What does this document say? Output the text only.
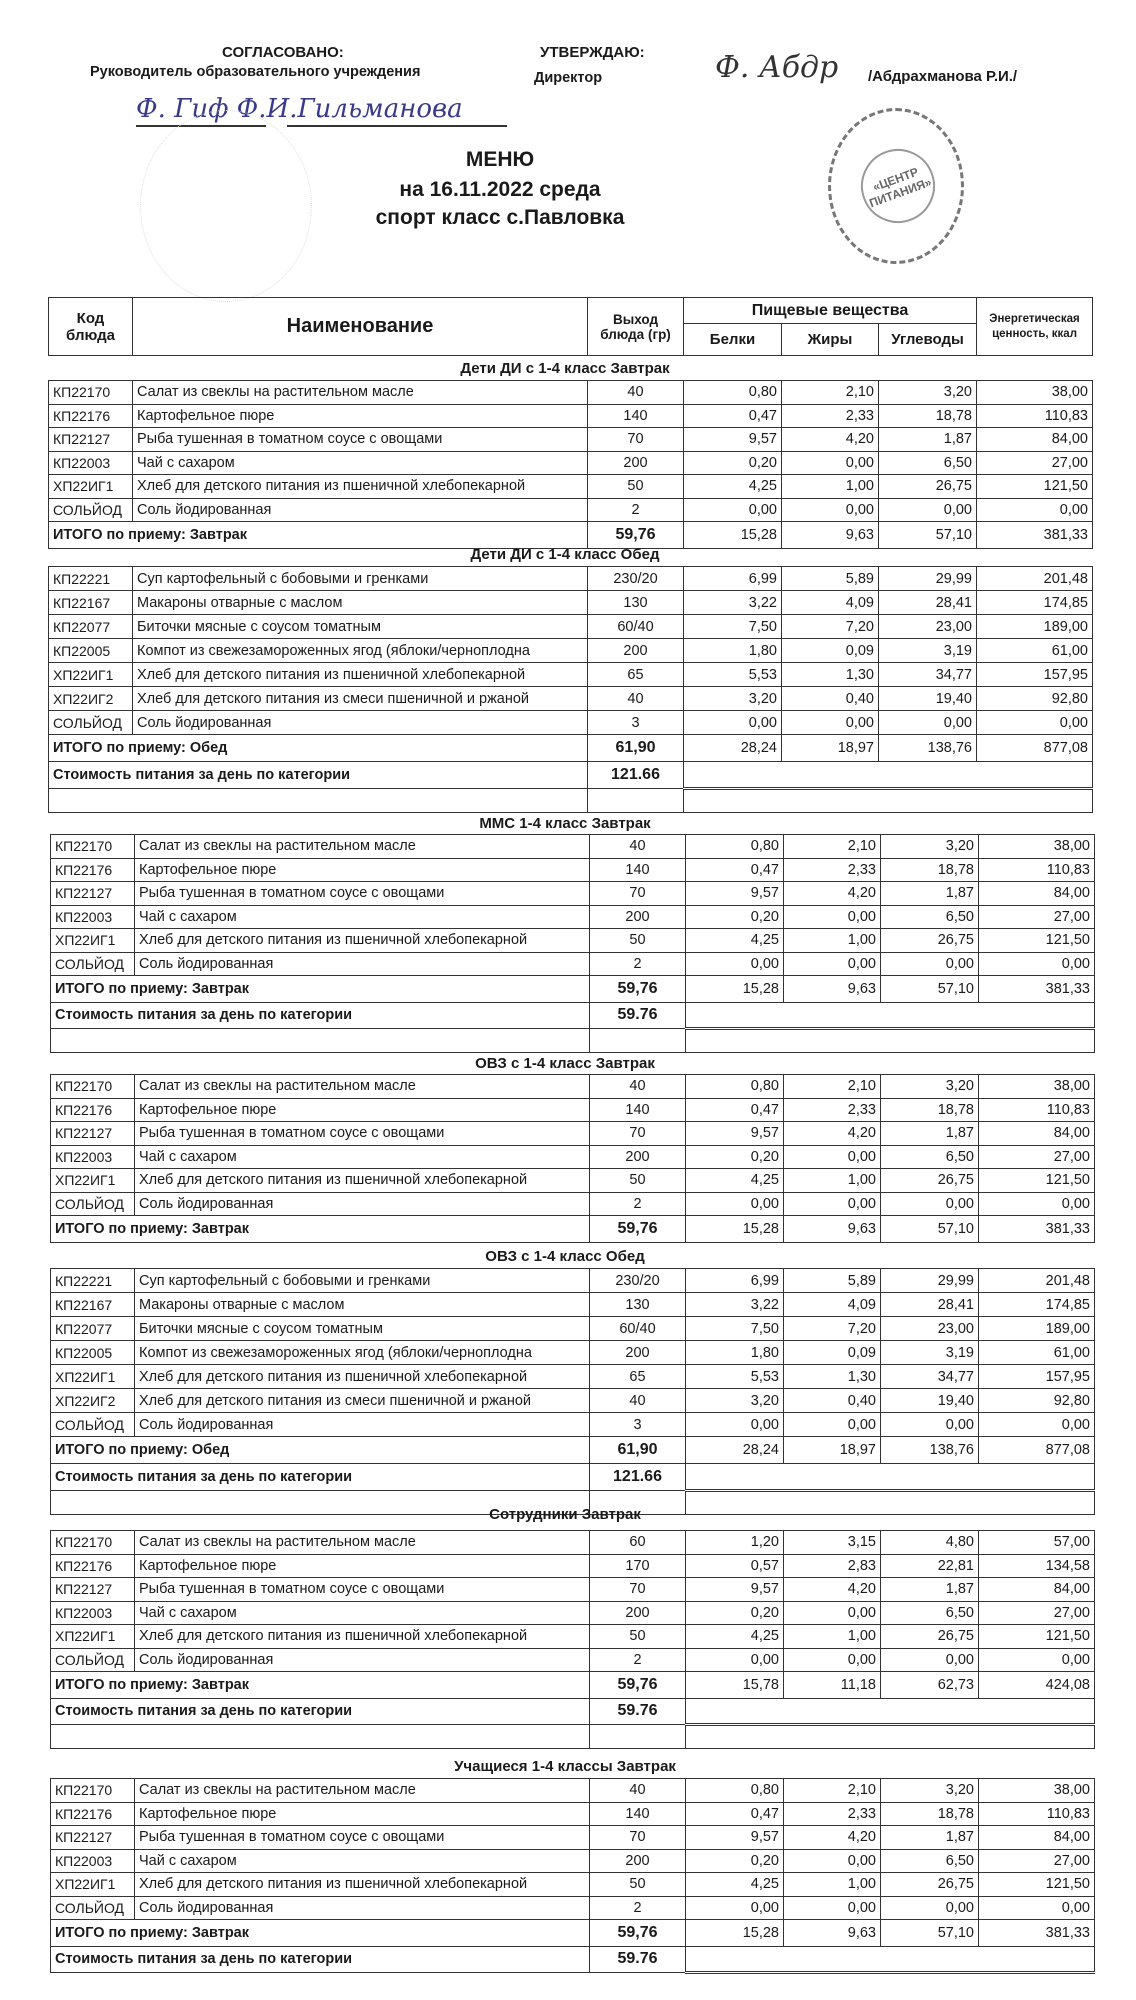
СОГЛАСОВАНО:
Руководитель образовательного учреждения
Ф. Гиф Ф.И.Гильманова
УТВЕРЖДАЮ:
Директор	Ф. Абдр /Абдрахманова Р.И./
«ЦЕНТР ПИТАНИЯ»
МЕНЮ
на 16.11.2022 среда
спорт класс с.Павловка
Код блюда	Наименование	Выход блюда (гр)	Пищевые вещества			Энергетическая ценность, ккал
			Белки	Жиры	Углеводы	
Дети ДИ с 1-4 класс Завтрак
КП22170	Салат из свеклы на растительном масле	40	0,80	2,10	3,20	38,00
КП22176	Картофельное пюре	140	0,47	2,33	18,78	110,83
КП22127	Рыба тушенная в томатном соусе с овощами	70	9,57	4,20	1,87	84,00
КП22003	Чай с сахаром	200	0,20	0,00	6,50	27,00
ХП22ИГ1	Хлеб для детского питания из пшеничной хлебопекарной	50	4,25	1,00	26,75	121,50
СОЛЬЙОД	Соль йодированная	2	0,00	0,00	0,00	0,00
ИТОГО по приему: Завтрак		59,76	15,28	9,63	57,10	381,33
Дети ДИ с 1-4 класс Обед
КП22221	Суп картофельный с бобовыми и гренками	230/20	6,99	5,89	29,99	201,48
КП22167	Макароны отварные с маслом	130	3,22	4,09	28,41	174,85
КП22077	Биточки мясные с соусом томатным	60/40	7,50	7,20	23,00	189,00
КП22005	Компот из свежезамороженных ягод (яблоки/черноплодна	200	1,80	0,09	3,19	61,00
ХП22ИГ1	Хлеб для детского питания из пшеничной хлебопекарной	65	5,53	1,30	34,77	157,95
ХП22ИГ2	Хлеб для детского питания из смеси пшеничной и ржаной	40	3,20	0,40	19,40	92,80
СОЛЬЙОД	Соль йодированная	3	0,00	0,00	0,00	0,00
ИТОГО по приему: Обед		61,90	28,24	18,97	138,76	877,08
Стоимость питания за день по категории		121.66				

ММС 1-4 класс Завтрак
КП22170	Салат из свеклы на растительном масле	40	0,80	2,10	3,20	38,00
КП22176	Картофельное пюре	140	0,47	2,33	18,78	110,83
КП22127	Рыба тушенная в томатном соусе с овощами	70	9,57	4,20	1,87	84,00
КП22003	Чай с сахаром	200	0,20	0,00	6,50	27,00
ХП22ИГ1	Хлеб для детского питания из пшеничной хлебопекарной	50	4,25	1,00	26,75	121,50
СОЛЬЙОД	Соль йодированная	2	0,00	0,00	0,00	0,00
ИТОГО по приему: Завтрак		59,76	15,28	9,63	57,10	381,33
Стоимость питания за день по категории		59.76				

ОВЗ с 1-4 класс Завтрак
КП22170	Салат из свеклы на растительном масле	40	0,80	2,10	3,20	38,00
КП22176	Картофельное пюре	140	0,47	2,33	18,78	110,83
КП22127	Рыба тушенная в томатном соусе с овощами	70	9,57	4,20	1,87	84,00
КП22003	Чай с сахаром	200	0,20	0,00	6,50	27,00
ХП22ИГ1	Хлеб для детского питания из пшеничной хлебопекарной	50	4,25	1,00	26,75	121,50
СОЛЬЙОД	Соль йодированная	2	0,00	0,00	0,00	0,00
ИТОГО по приему: Завтрак		59,76	15,28	9,63	57,10	381,33
ОВЗ с 1-4 класс Обед
КП22221	Суп картофельный с бобовыми и гренками	230/20	6,99	5,89	29,99	201,48
КП22167	Макароны отварные с маслом	130	3,22	4,09	28,41	174,85
КП22077	Биточки мясные с соусом томатным	60/40	7,50	7,20	23,00	189,00
КП22005	Компот из свежезамороженных ягод (яблоки/черноплодна	200	1,80	0,09	3,19	61,00
ХП22ИГ1	Хлеб для детского питания из пшеничной хлебопекарной	65	5,53	1,30	34,77	157,95
ХП22ИГ2	Хлеб для детского питания из смеси пшеничной и ржаной	40	3,20	0,40	19,40	92,80
СОЛЬЙОД	Соль йодированная	3	0,00	0,00	0,00	0,00
ИТОГО по приему: Обед		61,90	28,24	18,97	138,76	877,08
Стоимость питания за день по категории		121.66				

Сотрудники Завтрак
КП22170	Салат из свеклы на растительном масле	60	1,20	3,15	4,80	57,00
КП22176	Картофельное пюре	170	0,57	2,83	22,81	134,58
КП22127	Рыба тушенная в томатном соусе с овощами	70	9,57	4,20	1,87	84,00
КП22003	Чай с сахаром	200	0,20	0,00	6,50	27,00
ХП22ИГ1	Хлеб для детского питания из пшеничной хлебопекарной	50	4,25	1,00	26,75	121,50
СОЛЬЙОД	Соль йодированная	2	0,00	0,00	0,00	0,00
ИТОГО по приему: Завтрак		59,76	15,78	11,18	62,73	424,08
Стоимость питания за день по категории		59.76				

Учащиеся 1-4 классы Завтрак
КП22170	Салат из свеклы на растительном масле	40	0,80	2,10	3,20	38,00
КП22176	Картофельное пюре	140	0,47	2,33	18,78	110,83
КП22127	Рыба тушенная в томатном соусе с овощами	70	9,57	4,20	1,87	84,00
КП22003	Чай с сахаром	200	0,20	0,00	6,50	27,00
ХП22ИГ1	Хлеб для детского питания из пшеничной хлебопекарной	50	4,25	1,00	26,75	121,50
СОЛЬЙОД	Соль йодированная	2	0,00	0,00	0,00	0,00
ИТОГО по приему: Завтрак		59,76	15,28	9,63	57,10	381,33
Стоимость питания за день по категории		59.76				
